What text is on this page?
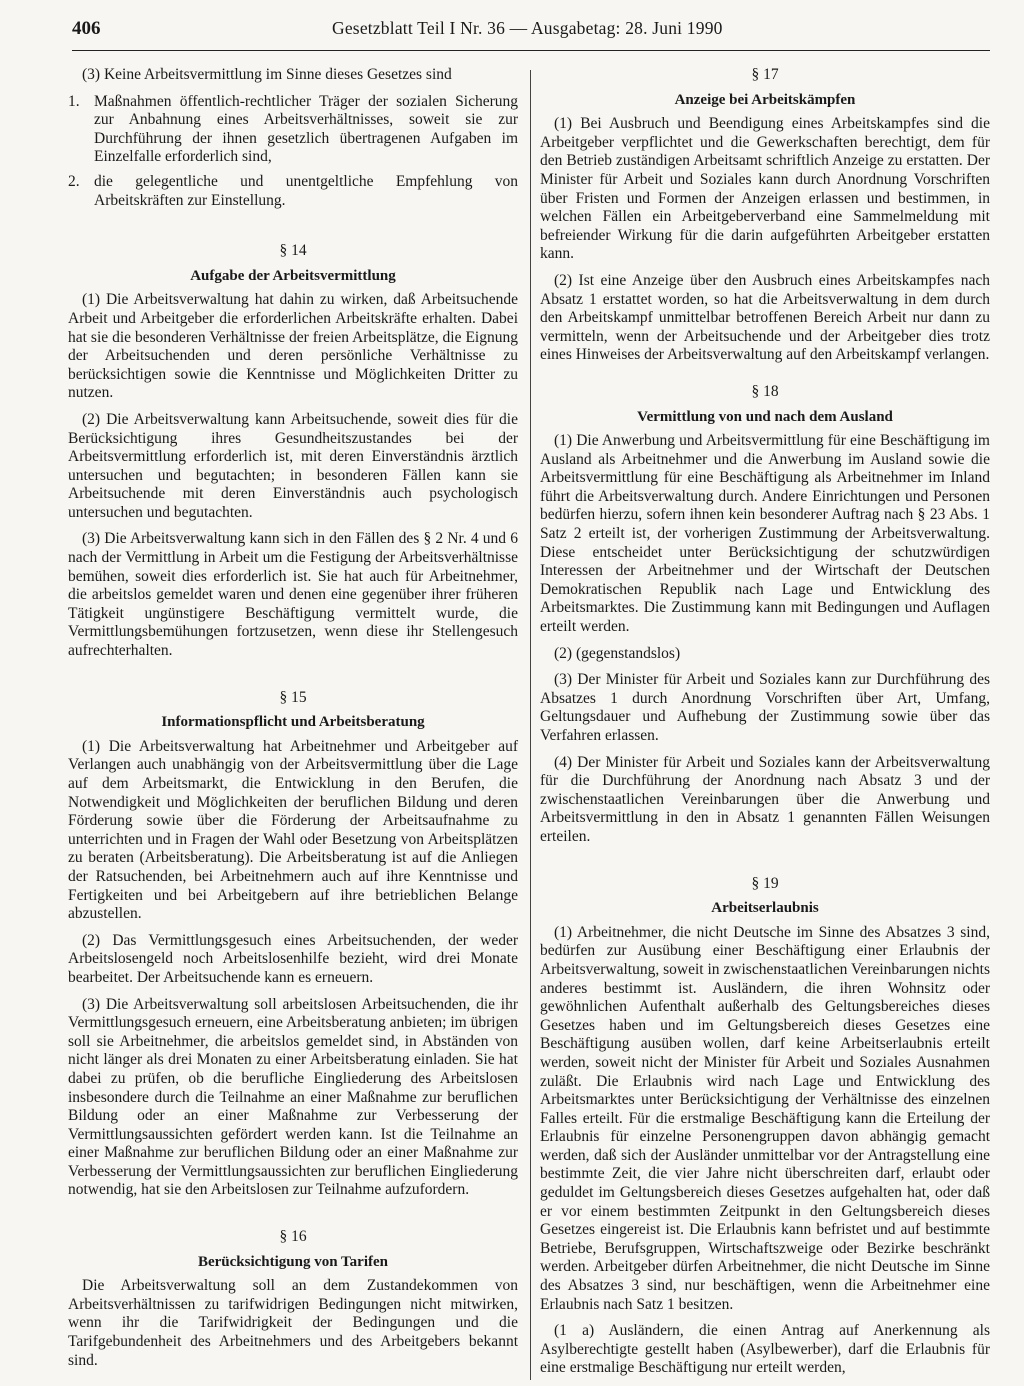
406	Gesetzblatt Teil I Nr. 36 — Ausgabetag: 28. Juni 1990

(3) Keine Arbeitsvermittlung im Sinne dieses Gesetzes sind

1. Maßnahmen öffentlich-rechtlicher Träger der sozialen Sicherung zur Anbahnung eines Arbeitsverhältnisses, soweit sie zur Durchführung der ihnen gesetzlich übertragenen Aufgaben im Einzelfalle erforderlich sind,
2. die gelegentliche und unentgeltliche Empfehlung von Arbeitskräften zur Einstellung.
§ 14
Aufgabe der Arbeitsvermittlung

(1) Die Arbeitsverwaltung hat dahin zu wirken, daß Arbeitsuchende Arbeit und Arbeitgeber die erforderlichen Arbeitskräfte erhalten. Dabei hat sie die besonderen Verhältnisse der freien Arbeitsplätze, die Eignung der Arbeitsuchenden und deren persönliche Verhältnisse zu berücksichtigen sowie die Kenntnisse und Möglichkeiten Dritter zu nutzen.

(2) Die Arbeitsverwaltung kann Arbeitsuchende, soweit dies für die Berücksichtigung ihres Gesundheitszustandes bei der Arbeitsvermittlung erforderlich ist, mit deren Einverständnis ärztlich untersuchen und begutachten; in besonderen Fällen kann sie Arbeitsuchende mit deren Einverständnis auch psychologisch untersuchen und begutachten.

(3) Die Arbeitsverwaltung kann sich in den Fällen des § 2 Nr. 4 und 6 nach der Vermittlung in Arbeit um die Festigung der Arbeitsverhältnisse bemühen, soweit dies erforderlich ist. Sie hat auch für Arbeitnehmer, die arbeitslos gemeldet waren und denen eine gegenüber ihrer früheren Tätigkeit ungünstigere Beschäftigung vermittelt wurde, die Vermittlungsbemühungen fortzusetzen, wenn diese ihr Stellengesuch aufrechterhalten.

§ 15
Informationspflicht und Arbeitsberatung

(1) Die Arbeitsverwaltung hat Arbeitnehmer und Arbeitgeber auf Verlangen auch unabhängig von der Arbeitsvermittlung über die Lage auf dem Arbeitsmarkt, die Entwicklung in den Berufen, die Notwendigkeit und Möglichkeiten der beruflichen Bildung und deren Förderung sowie über die Förderung der Arbeitsaufnahme zu unterrichten und in Fragen der Wahl oder Besetzung von Arbeitsplätzen zu beraten (Arbeitsberatung). Die Arbeitsberatung ist auf die Anliegen der Ratsuchenden, bei Arbeitnehmern auch auf ihre Kenntnisse und Fertigkeiten und bei Arbeitgebern auf ihre betrieblichen Belange abzustellen.

(2) Das Vermittlungsgesuch eines Arbeitsuchenden, der weder Arbeitslosengeld noch Arbeitslosenhilfe bezieht, wird drei Monate bearbeitet. Der Arbeitsuchende kann es erneuern.

(3) Die Arbeitsverwaltung soll arbeitslosen Arbeitsuchenden, die ihr Vermittlungsgesuch erneuern, eine Arbeitsberatung anbieten; im übrigen soll sie Arbeitnehmer, die arbeitslos gemeldet sind, in Abständen von nicht länger als drei Monaten zu einer Arbeitsberatung einladen. Sie hat dabei zu prüfen, ob die berufliche Eingliederung des Arbeitslosen insbesondere durch die Teilnahme an einer Maßnahme zur beruflichen Bildung oder an einer Maßnahme zur Verbesserung der Vermittlungsaussichten gefördert werden kann. Ist die Teilnahme an einer Maßnahme zur beruflichen Bildung oder an einer Maßnahme zur Verbesserung der Vermittlungsaussichten zur beruflichen Eingliederung notwendig, hat sie den Arbeitslosen zur Teilnahme aufzufordern.

§ 16
Berücksichtigung von Tarifen

Die Arbeitsverwaltung soll an dem Zustandekommen von Arbeitsverhältnissen zu tarifwidrigen Bedingungen nicht mitwirken, wenn ihr die Tarifwidrigkeit der Bedingungen und die Tarifgebundenheit des Arbeitnehmers und des Arbeitgebers bekannt sind.

§ 17
Anzeige bei Arbeitskämpfen

(1) Bei Ausbruch und Beendigung eines Arbeitskampfes sind die Arbeitgeber verpflichtet und die Gewerkschaften berechtigt, dem für den Betrieb zuständigen Arbeitsamt schriftlich Anzeige zu erstatten. Der Minister für Arbeit und Soziales kann durch Anordnung Vorschriften über Fristen und Formen der Anzeigen erlassen und bestimmen, in welchen Fällen ein Arbeitgeberverband eine Sammelmeldung mit befreiender Wirkung für die darin aufgeführten Arbeitgeber erstatten kann.

(2) Ist eine Anzeige über den Ausbruch eines Arbeitskampfes nach Absatz 1 erstattet worden, so hat die Arbeitsverwaltung in dem durch den Arbeitskampf unmittelbar betroffenen Bereich Arbeit nur dann zu vermitteln, wenn der Arbeitsuchende und der Arbeitgeber dies trotz eines Hinweises der Arbeitsverwaltung auf den Arbeitskampf verlangen.

§ 18
Vermittlung von und nach dem Ausland

(1) Die Anwerbung und Arbeitsvermittlung für eine Beschäftigung im Ausland als Arbeitnehmer und die Anwerbung im Ausland sowie die Arbeitsvermittlung für eine Beschäftigung als Arbeitnehmer im Inland führt die Arbeitsverwaltung durch. Andere Einrichtungen und Personen bedürfen hierzu, sofern ihnen kein besonderer Auftrag nach § 23 Abs. 1 Satz 2 erteilt ist, der vorherigen Zustimmung der Arbeitsverwaltung. Diese entscheidet unter Berücksichtigung der schutzwürdigen Interessen der Arbeitnehmer und der Wirtschaft der Deutschen Demokratischen Republik nach Lage und Entwicklung des Arbeitsmarktes. Die Zustimmung kann mit Bedingungen und Auflagen erteilt werden.

(2) (gegenstandslos)

(3) Der Minister für Arbeit und Soziales kann zur Durchführung des Absatzes 1 durch Anordnung Vorschriften über Art, Umfang, Geltungsdauer und Aufhebung der Zustimmung sowie über das Verfahren erlassen.

(4) Der Minister für Arbeit und Soziales kann der Arbeitsverwaltung für die Durchführung der Anordnung nach Absatz 3 und der zwischenstaatlichen Vereinbarungen über die Anwerbung und Arbeitsvermittlung in den in Absatz 1 genannten Fällen Weisungen erteilen.

§ 19
Arbeitserlaubnis

(1) Arbeitnehmer, die nicht Deutsche im Sinne des Absatzes 3 sind, bedürfen zur Ausübung einer Beschäftigung einer Erlaubnis der Arbeitsverwaltung, soweit in zwischenstaatlichen Vereinbarungen nichts anderes bestimmt ist. Ausländern, die ihren Wohnsitz oder gewöhnlichen Aufenthalt außerhalb des Geltungsbereiches dieses Gesetzes haben und im Geltungsbereich dieses Gesetzes eine Beschäftigung ausüben wollen, darf keine Arbeitserlaubnis erteilt werden, soweit nicht der Minister für Arbeit und Soziales Ausnahmen zuläßt. Die Erlaubnis wird nach Lage und Entwicklung des Arbeitsmarktes unter Berücksichtigung der Verhältnisse des einzelnen Falles erteilt. Für die erstmalige Beschäftigung kann die Erteilung der Erlaubnis für einzelne Personengruppen davon abhängig gemacht werden, daß sich der Ausländer unmittelbar vor der Antragstellung eine bestimmte Zeit, die vier Jahre nicht überschreiten darf, erlaubt oder geduldet im Geltungsbereich dieses Gesetzes aufgehalten hat, oder daß er vor einem bestimmten Zeitpunkt in den Geltungsbereich dieses Gesetzes eingereist ist. Die Erlaubnis kann befristet und auf bestimmte Betriebe, Berufsgruppen, Wirtschaftszweige oder Bezirke beschränkt werden. Arbeitgeber dürfen Arbeitnehmer, die nicht Deutsche im Sinne des Absatzes 3 sind, nur beschäftigen, wenn die Arbeitnehmer eine Erlaubnis nach Satz 1 besitzen.

(1 a) Ausländern, die einen Antrag auf Anerkennung als Asylberechtigte gestellt haben (Asylbewerber), darf die Erlaubnis für eine erstmalige Beschäftigung nur erteilt werden,
